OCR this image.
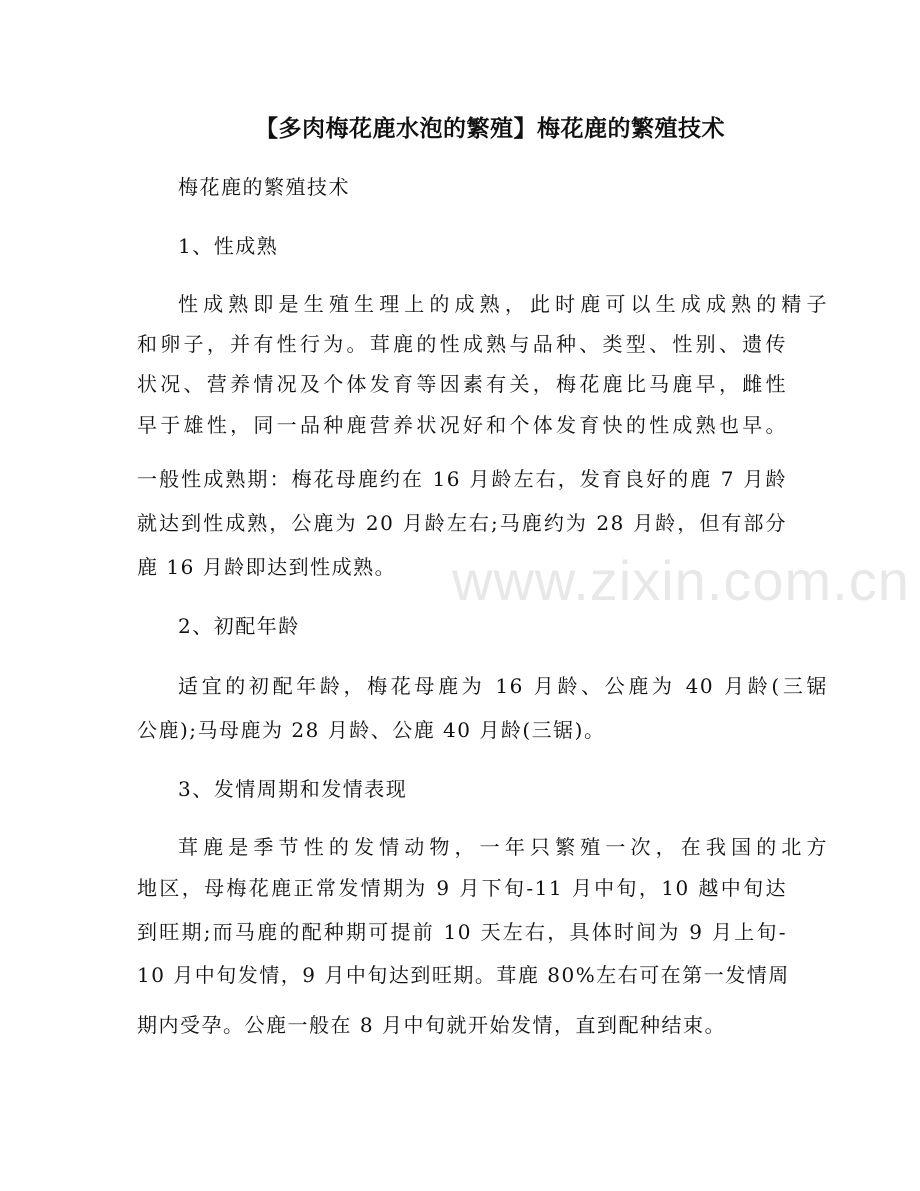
【多肉梅花鹿水泡的繁殖】梅花鹿的繁殖技术

梅花鹿的繁殖技术

1、性成熟

性成熟即是生殖生理上的成熟，此时鹿可以生成成熟的精子

和卵子，并有性行为。茸鹿的性成熟与品种、类型、性别、遗传

状况、营养情况及个体发育等因素有关，梅花鹿比马鹿早，雌性

早于雄性，同一品种鹿营养状况好和个体发育快的性成熟也早。

一般性成熟期：梅花母鹿约在 16 月龄左右，发育良好的鹿 7 月龄

就达到性成熟，公鹿为 20 月龄左右;马鹿约为 28 月龄，但有部分

鹿 16 月龄即达到性成熟。

2、初配年龄

适宜的初配年龄，梅花母鹿为 16 月龄、公鹿为 40 月龄(三锯

公鹿);马母鹿为 28 月龄、公鹿 40 月龄(三锯)。

3、发情周期和发情表现

茸鹿是季节性的发情动物，一年只繁殖一次，在我国的北方

地区，母梅花鹿正常发情期为 9 月下旬-11 月中旬，10 越中旬达

到旺期;而马鹿的配种期可提前 10 天左右，具体时间为 9 月上旬-

10 月中旬发情，9 月中旬达到旺期。茸鹿 80%左右可在第一发情周

期内受孕。公鹿一般在 8 月中旬就开始发情，直到配种结束。

www.zixin.com.cn
